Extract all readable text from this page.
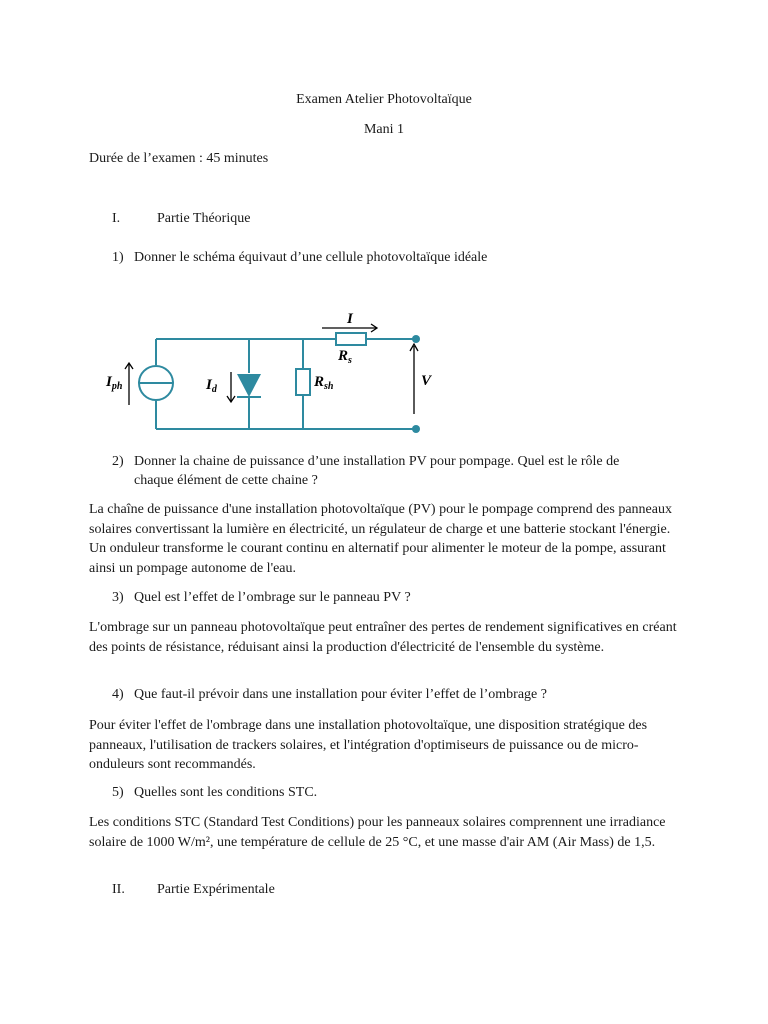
Examen Atelier Photovoltaïque
Mani 1
Durée de l’examen : 45 minutes
I.	Partie Théorique
1) Donner le schéma équivaut d’une cellule photovoltaïque idéale
$I_{ph}$	$I_d$	$R_{sh}$
$R_s$
I
V
2) Donner la chaine de puissance d’une installation PV pour pompage. Quel est le rôle de
chaque élément de cette chaine ?
La chaîne de puissance d'une installation photovoltaïque (PV) pour le pompage comprend des panneaux solaires convertissant la lumière en électricité, un régulateur de charge et une batterie stockant l'énergie. Un onduleur transforme le courant continu en alternatif pour alimenter le moteur de la pompe, assurant ainsi un pompage autonome de l'eau.
3) Quel est l’effet de l’ombrage sur le panneau PV ?
L'ombrage sur un panneau photovoltaïque peut entraîner des pertes de rendement significatives en créant des points de résistance, réduisant ainsi la production d'électricité de l'ensemble du système.
4) Que faut-il prévoir dans une installation pour éviter l’effet de l’ombrage ?
Pour éviter l'effet de l'ombrage dans une installation photovoltaïque, une disposition stratégique des panneaux, l'utilisation de trackers solaires, et l'intégration d'optimiseurs de puissance ou de micro-onduleurs sont recommandés.
5) Quelles sont les conditions STC.
Les conditions STC (Standard Test Conditions) pour les panneaux solaires comprennent une irradiance solaire de 1000 W/m², une température de cellule de 25 °C, et une masse d'air AM (Air Mass) de 1,5.
II. Partie Expérimentale
